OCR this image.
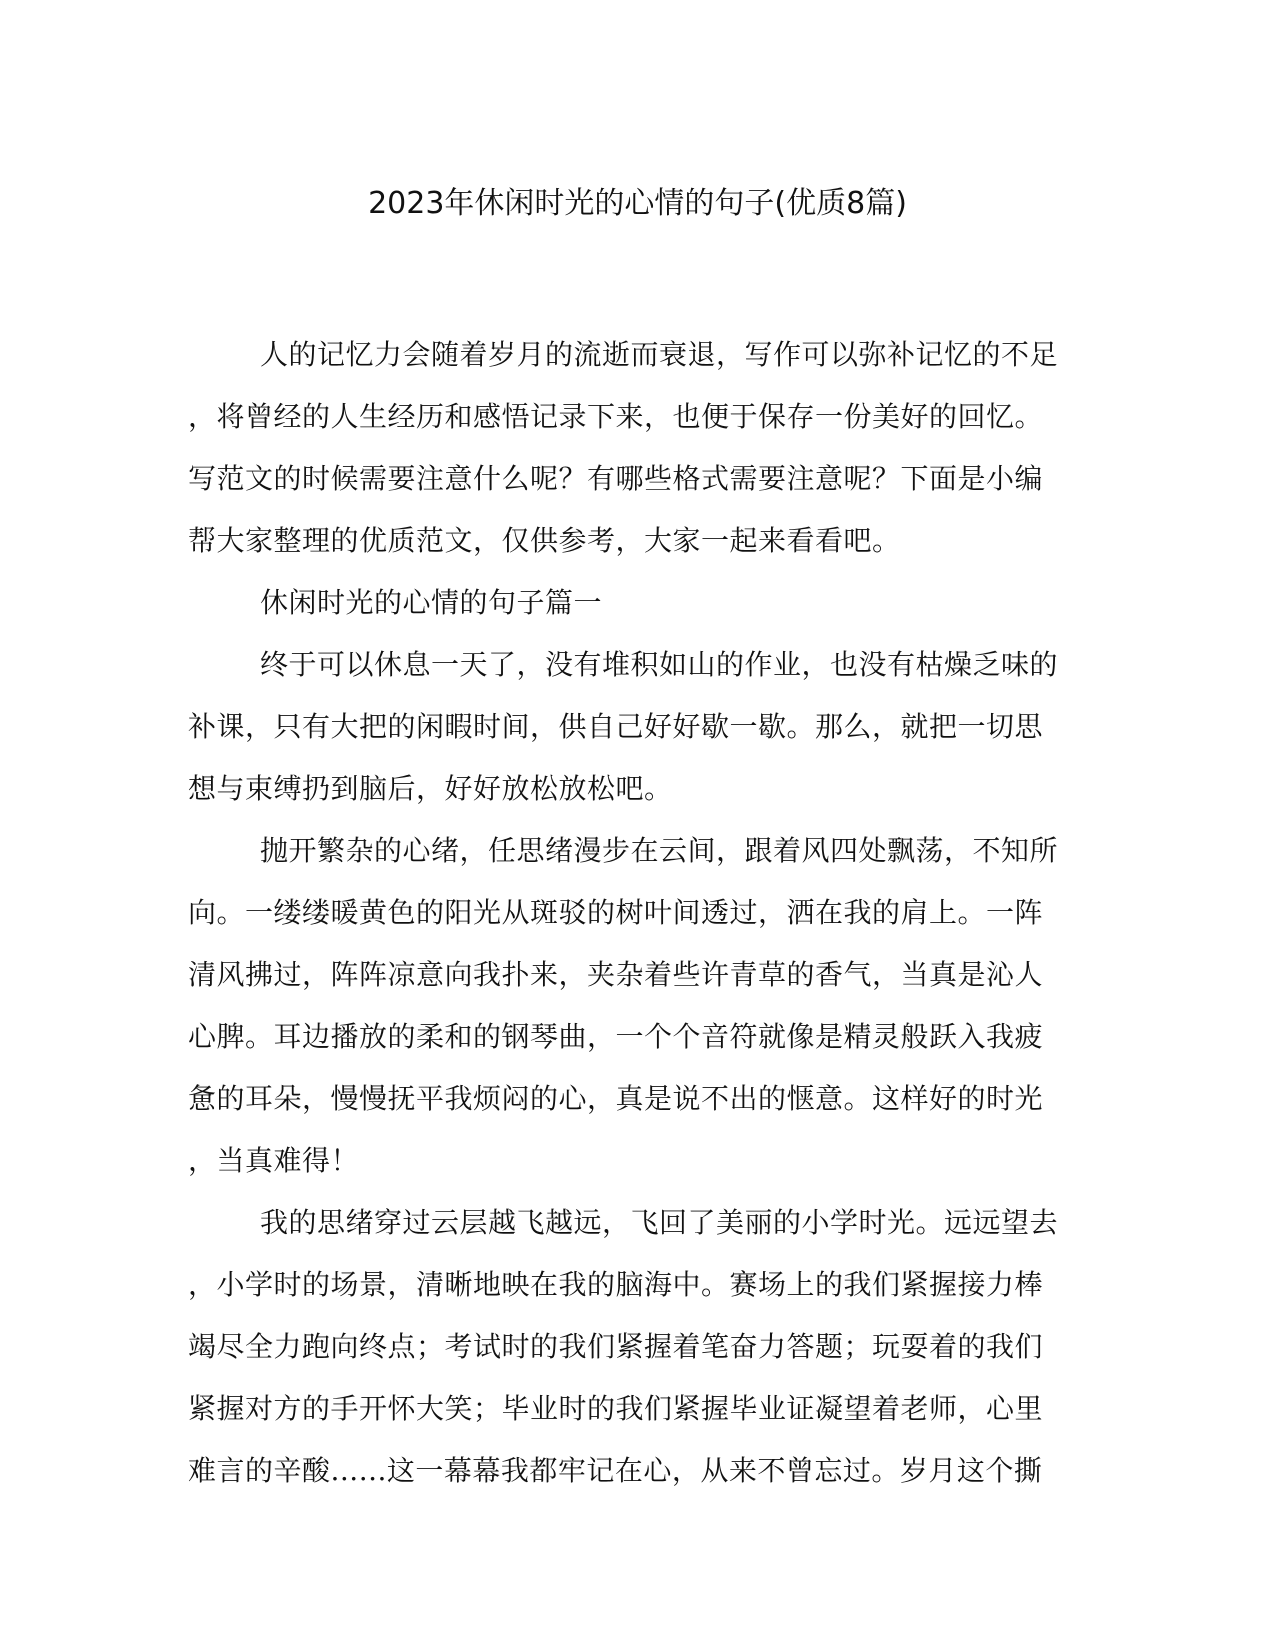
2023年休闲时光的心情的句子(优质8篇)
人的记忆力会随着岁月的流逝而衰退，写作可以弥补记忆的不足
，将曾经的人生经历和感悟记录下来，也便于保存一份美好的回忆。
写范文的时候需要注意什么呢？有哪些格式需要注意呢？下面是小编
帮大家整理的优质范文，仅供参考，大家一起来看看吧。
休闲时光的心情的句子篇一
终于可以休息一天了，没有堆积如山的作业，也没有枯燥乏味的
补课，只有大把的闲暇时间，供自己好好歇一歇。那么，就把一切思
想与束缚扔到脑后，好好放松放松吧。
抛开繁杂的心绪，任思绪漫步在云间，跟着风四处飘荡，不知所
向。一缕缕暖黄色的阳光从斑驳的树叶间透过，洒在我的肩上。一阵
清风拂过，阵阵凉意向我扑来，夹杂着些许青草的香气，当真是沁人
心脾。耳边播放的柔和的钢琴曲，一个个音符就像是精灵般跃入我疲
惫的耳朵，慢慢抚平我烦闷的心，真是说不出的惬意。这样好的时光
，当真难得！
我的思绪穿过云层越飞越远，飞回了美丽的小学时光。远远望去
，小学时的场景，清晰地映在我的脑海中。赛场上的我们紧握接力棒
竭尽全力跑向终点；考试时的我们紧握着笔奋力答题；玩耍着的我们
紧握对方的手开怀大笑；毕业时的我们紧握毕业证凝望着老师，心里
难言的辛酸......这一幕幕我都牢记在心，从来不曾忘过。岁月这个撕
